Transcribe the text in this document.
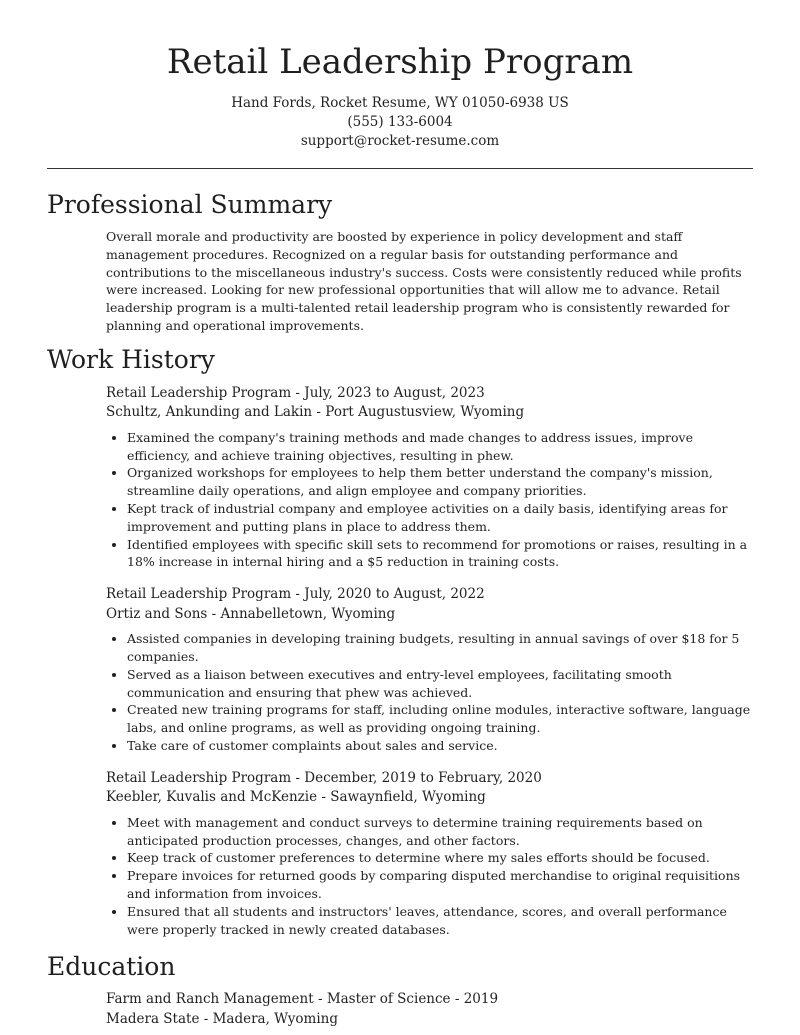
Retail Leadership Program
Hand Fords, Rocket Resume, WY 01050-6938 US
(555) 133-6004
support@rocket-resume.com
Professional Summary
Overall morale and productivity are boosted by experience in policy development and staff management procedures. Recognized on a regular basis for outstanding performance and contributions to the miscellaneous industry's success. Costs were consistently reduced while profits were increased. Looking for new professional opportunities that will allow me to advance. Retail leadership program is a multi-talented retail leadership program who is consistently rewarded for planning and operational improvements.
Work History
Retail Leadership Program - July, 2023 to August, 2023
Schultz, Ankunding and Lakin - Port Augustusview, Wyoming
• Examined the company's training methods and made changes to address issues, improve efficiency, and achieve training objectives, resulting in phew.
• Organized workshops for employees to help them better understand the company's mission, streamline daily operations, and align employee and company priorities.
• Kept track of industrial company and employee activities on a daily basis, identifying areas for improvement and putting plans in place to address them.
• Identified employees with specific skill sets to recommend for promotions or raises, resulting in a 18% increase in internal hiring and a $5 reduction in training costs.
Retail Leadership Program - July, 2020 to August, 2022
Ortiz and Sons - Annabelletown, Wyoming
• Assisted companies in developing training budgets, resulting in annual savings of over $18 for 5 companies.
• Served as a liaison between executives and entry-level employees, facilitating smooth communication and ensuring that phew was achieved.
• Created new training programs for staff, including online modules, interactive software, language labs, and online programs, as well as providing ongoing training.
• Take care of customer complaints about sales and service.
Retail Leadership Program - December, 2019 to February, 2020
Keebler, Kuvalis and McKenzie - Sawaynfield, Wyoming
• Meet with management and conduct surveys to determine training requirements based on anticipated production processes, changes, and other factors.
• Keep track of customer preferences to determine where my sales efforts should be focused.
• Prepare invoices for returned goods by comparing disputed merchandise to original requisitions and information from invoices.
• Ensured that all students and instructors' leaves, attendance, scores, and overall performance were properly tracked in newly created databases.
Education
Farm and Ranch Management - Master of Science - 2019
Madera State - Madera, Wyoming
